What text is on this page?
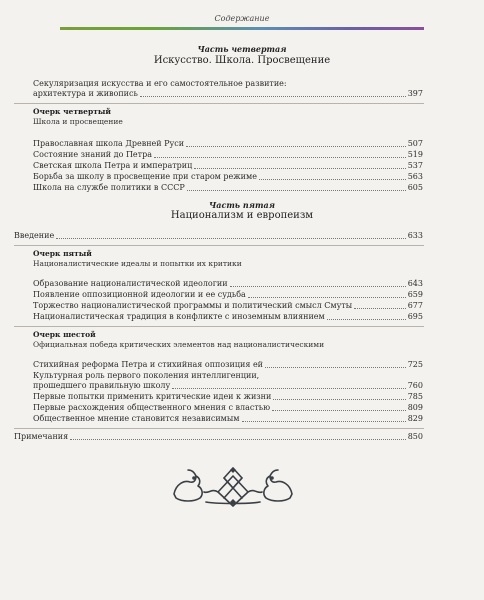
Содержание
Часть четвертая
Искусство. Школа. Просвещение
Секуляризация искусства и его самостоятельное развитие:
архитектура и живопись	397
Очерк четвертый
Школа и просвещение
Православная школа Древней Руси	507
Состояние знаний до Петра	519
Светская школа Петра и императриц	537
Борьба за школу в просвещение при старом режиме	563
Школа на службе политики в СССР	605
Часть пятая
Национализм и европеизм
Введение	633
Очерк пятый
Националистические идеалы и попытки их критики
Образование националистической идеологии	643
Появление оппозиционной идеологии и ее судьба	659
Торжество националистической программы и политический смысл Смуты	677
Националистическая традиция в конфликте с иноземным влиянием	695
Очерк шестой
Официальная победа критических элементов над националистическими
Стихийная реформа Петра и стихийная оппозиция ей	725
Культурная роль первого поколения интеллигенции,
прошедшего правильную школу	760
Первые попытки применить критические идеи к жизни	785
Первые расхождения общественного мнения с властью	809
Общественное мнение становится независимым	829
Примечания	850
